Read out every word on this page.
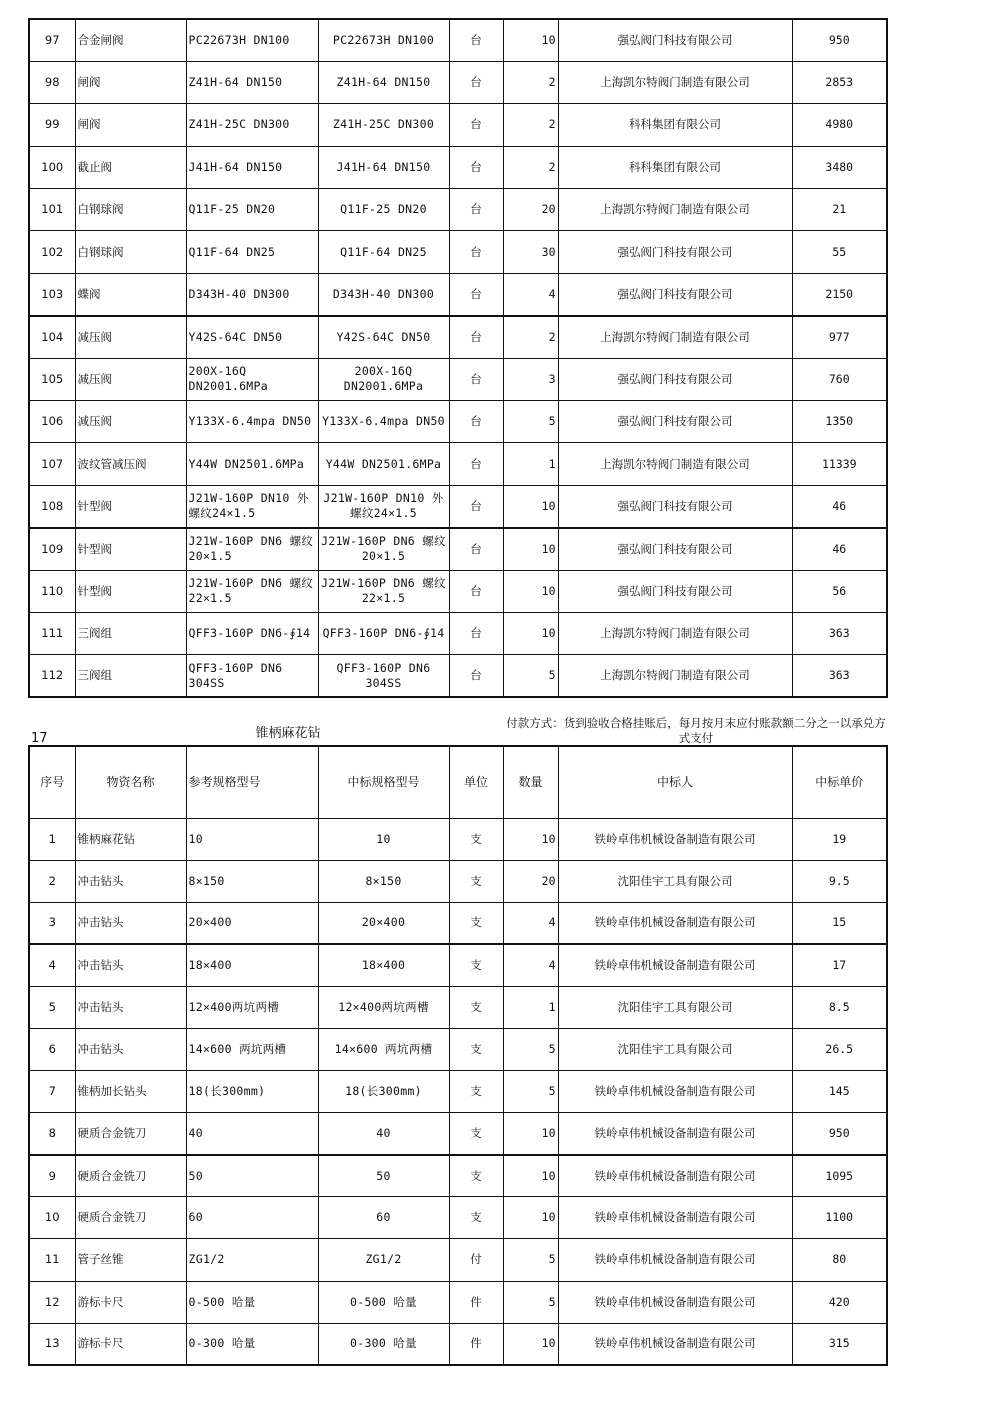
97	合金闸阀	PC22673H DN100	PC22673H DN100	台	10	强弘阀门科技有限公司	950
98	闸阀	Z41H-64 DN150	Z41H-64 DN150	台	2	上海凯尔特阀门制造有限公司	2853
99	闸阀	Z41H-25C DN300	Z41H-25C DN300	台	2	科科集团有限公司	4980
100	截止阀	J41H-64 DN150	J41H-64 DN150	台	2	科科集团有限公司	3480
101	白钢球阀	Q11F-25 DN20	Q11F-25 DN20	台	20	上海凯尔特阀门制造有限公司	21
102	白钢球阀	Q11F-64 DN25	Q11F-64 DN25	台	30	强弘阀门科技有限公司	55
103	蝶阀	D343H-40 DN300	D343H-40 DN300	台	4	强弘阀门科技有限公司	2150
104	减压阀	Y42S-64C DN50	Y42S-64C DN50	台	2	上海凯尔特阀门制造有限公司	977
105	减压阀	200X-16Q DN2001.6MPa	200X-16Q DN2001.6MPa	台	3	强弘阀门科技有限公司	760
106	减压阀	Y133X-6.4mpa DN50	Y133X-6.4mpa DN50	台	5	强弘阀门科技有限公司	1350
107	波纹管减压阀	Y44W DN2501.6MPa	Y44W DN2501.6MPa	台	1	上海凯尔特阀门制造有限公司	11339
108	针型阀	J21W-160P DN10 外螺纹24×1.5	J21W-160P DN10 外螺纹24×1.5	台	10	强弘阀门科技有限公司	46
109	针型阀	J21W-160P DN6 螺纹20×1.5	J21W-160P DN6 螺纹20×1.5	台	10	强弘阀门科技有限公司	46
110	针型阀	J21W-160P DN6 螺纹22×1.5	J21W-160P DN6 螺纹22×1.5	台	10	强弘阀门科技有限公司	56
111	三阀组	QFF3-160P DN6-∮14	QFF3-160P DN6-∮14	台	10	上海凯尔特阀门制造有限公司	363
112	三阀组	QFF3-160P DN6 304SS	QFF3-160P DN6 304SS	台	5	上海凯尔特阀门制造有限公司	363
17	锥柄麻花钻
付款方式：货到验收合格挂账后，每月按月末应付账款额二分之一以承兑方式支付
序号	物资名称	参考规格型号	中标规格型号	单位	数量	中标人	中标单价
1	锥柄麻花钻	10	10	支	10	铁岭卓伟机械设备制造有限公司	19
2	冲击钻头	8×150	8×150	支	20	沈阳佳宇工具有限公司	9.5
3	冲击钻头	20×400	20×400	支	4	铁岭卓伟机械设备制造有限公司	15
4	冲击钻头	18×400	18×400	支	4	铁岭卓伟机械设备制造有限公司	17
5	冲击钻头	12×400两坑两槽	12×400两坑两槽	支	1	沈阳佳宇工具有限公司	8.5
6	冲击钻头	14×600 两坑两槽	14×600 两坑两槽	支	5	沈阳佳宇工具有限公司	26.5
7	锥柄加长钻头	18(长300mm)	18(长300mm)	支	5	铁岭卓伟机械设备制造有限公司	145
8	硬质合金铣刀	40	40	支	10	铁岭卓伟机械设备制造有限公司	950
9	硬质合金铣刀	50	50	支	10	铁岭卓伟机械设备制造有限公司	1095
10	硬质合金铣刀	60	60	支	10	铁岭卓伟机械设备制造有限公司	1100
11	管子丝锥	ZG1/2	ZG1/2	付	5	铁岭卓伟机械设备制造有限公司	80
12	游标卡尺	0-500 哈量	0-500 哈量	件	5	铁岭卓伟机械设备制造有限公司	420
13	游标卡尺	0-300 哈量	0-300 哈量	件	10	铁岭卓伟机械设备制造有限公司	315
